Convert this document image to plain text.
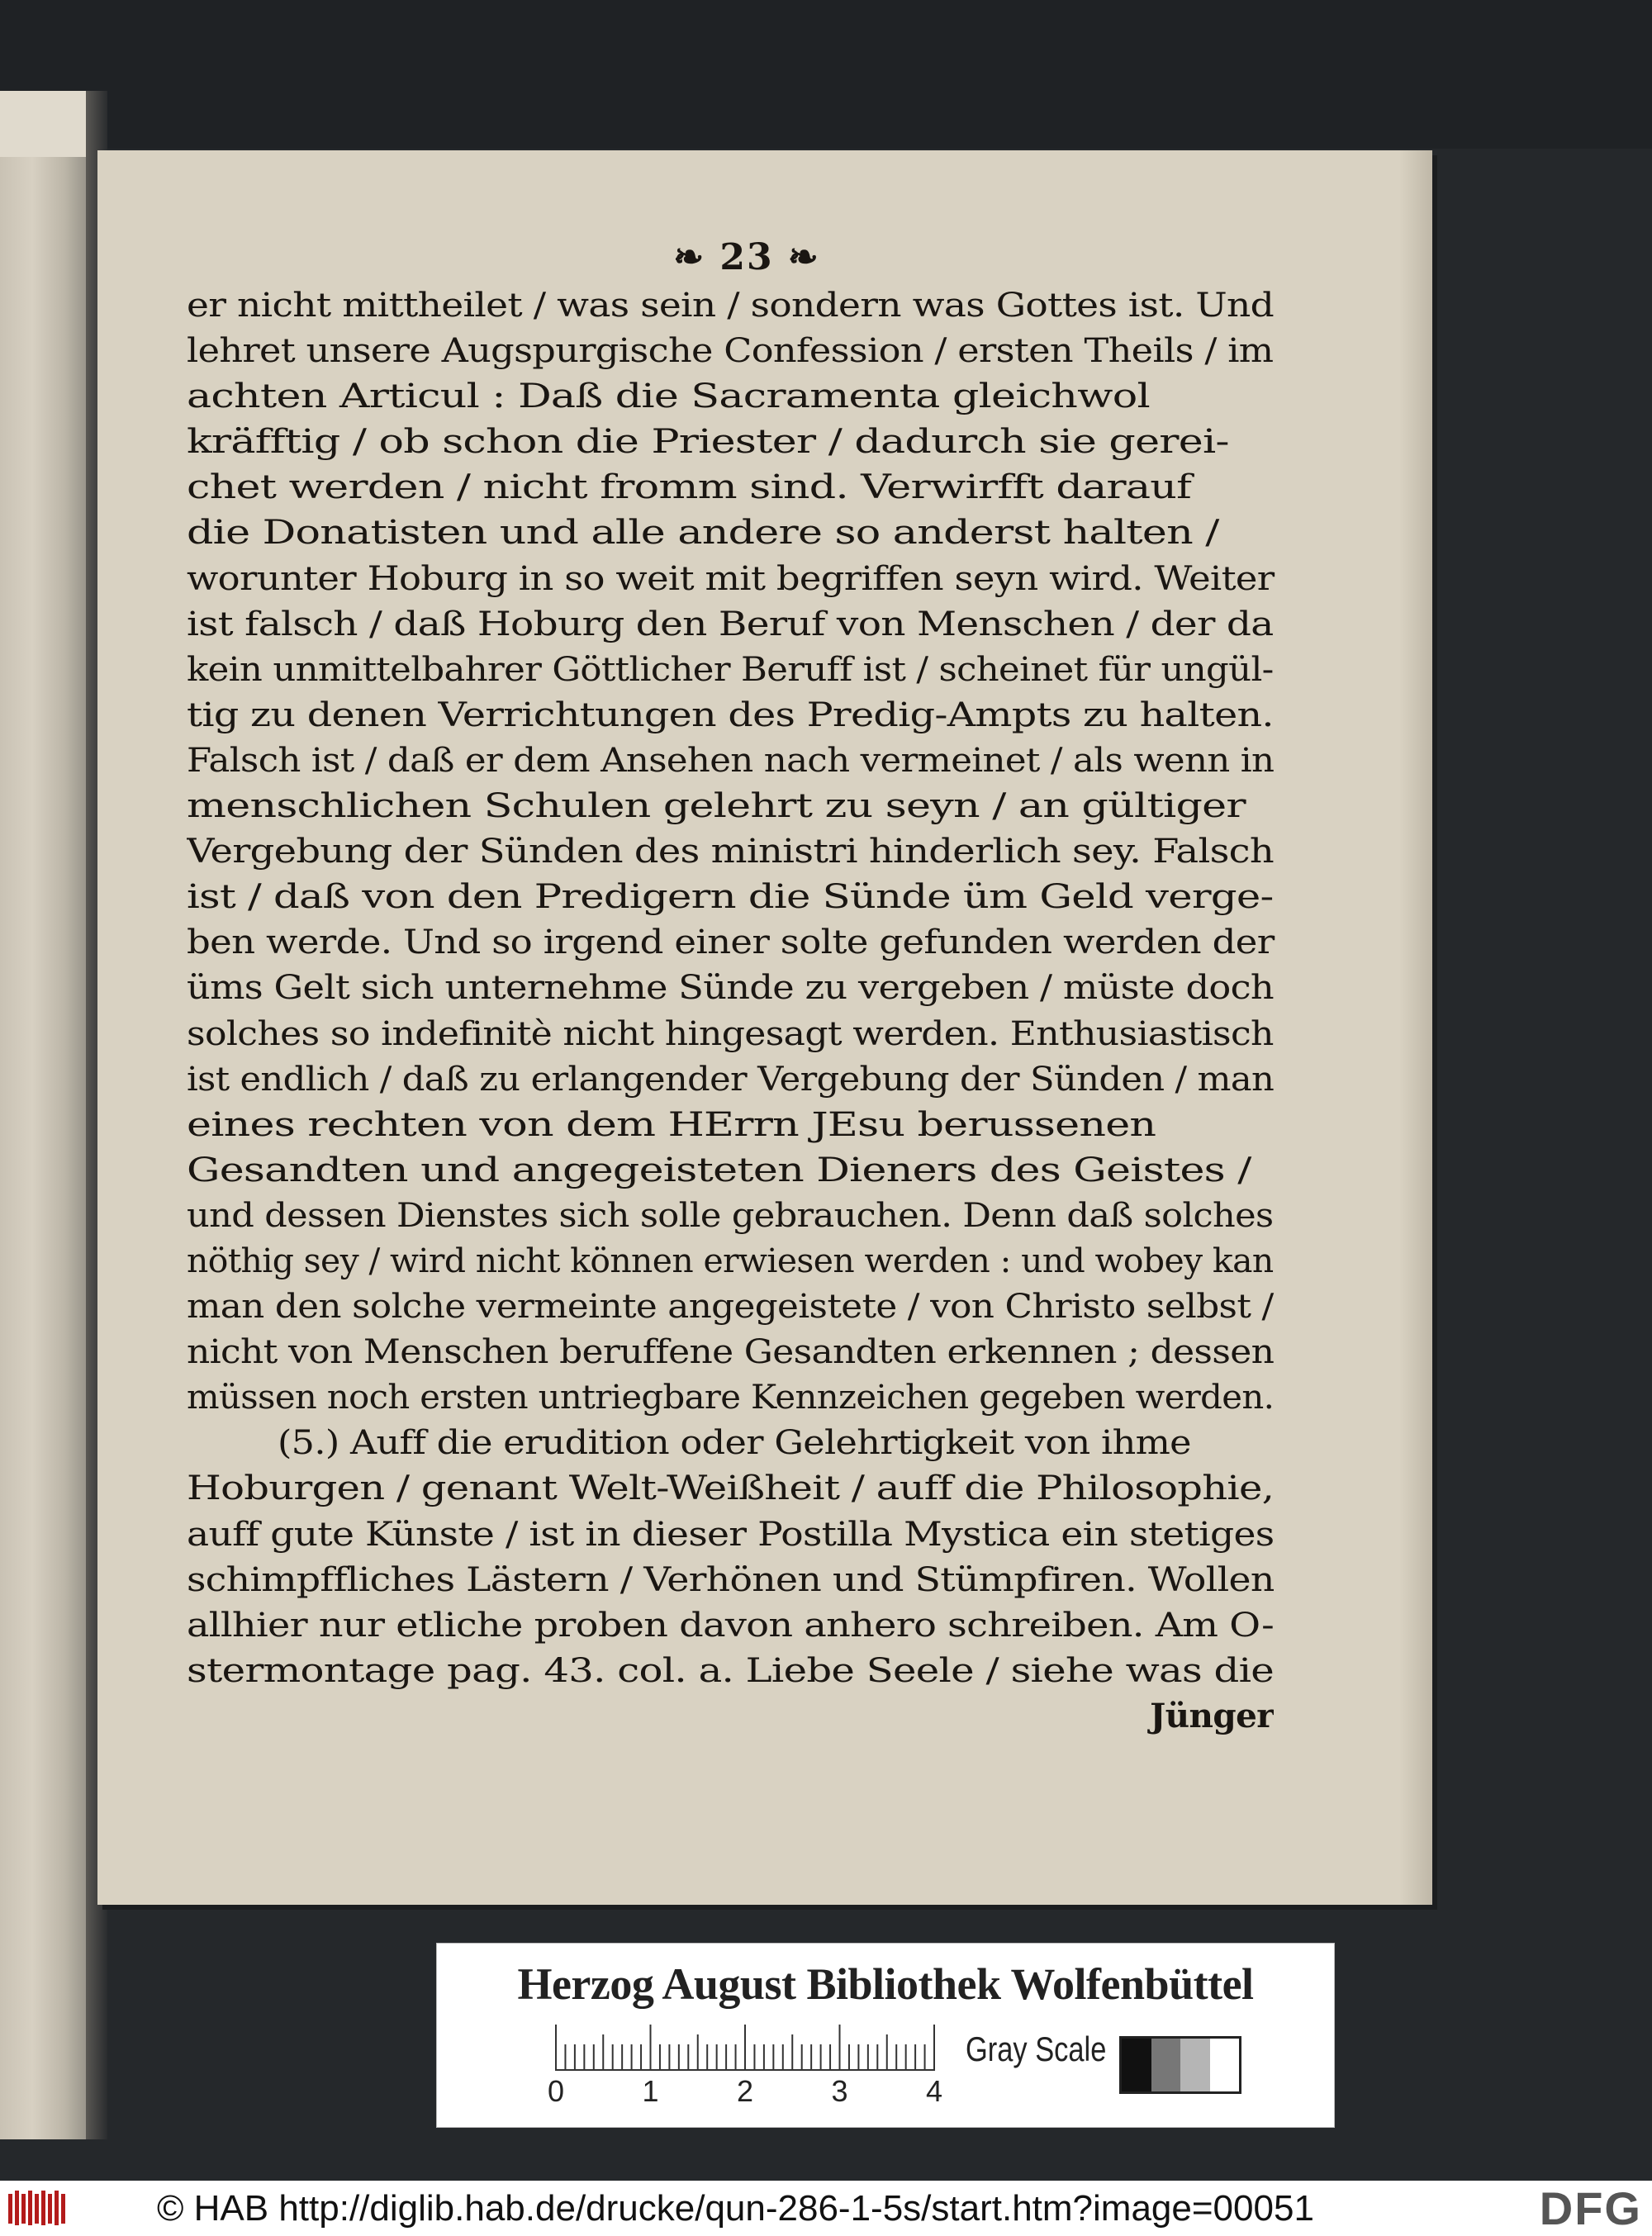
❧ 23 ❧
er nicht mittheilet / was sein / sondern was Gottes ist. Und
lehret unsere Augspurgische Confession / ersten Theils / im
achten Articul : Daß die Sacramenta gleichwol
kräfftig / ob schon die Priester / dadurch sie gerei-
chet werden / nicht fromm sind. Verwirfft darauf
die Donatisten und alle andere so anderst halten /
worunter Hoburg in so weit mit begriffen seyn wird. Weiter
ist falsch / daß Hoburg den Beruf von Menschen / der da
kein unmittelbahrer Göttlicher Beruff ist / scheinet für ungül-
tig zu denen Verrichtungen des Predig-Ampts zu halten.
Falsch ist / daß er dem Ansehen nach vermeinet / als wenn in
menschlichen Schulen gelehrt zu seyn / an gültiger
Vergebung der Sünden des ministri hinderlich sey. Falsch
ist / daß von den Predigern die Sünde üm Geld verge-
ben werde. Und so irgend einer solte gefunden werden der
üms Gelt sich unternehme Sünde zu vergeben / müste doch
solches so indefinitè nicht hingesagt werden. Enthusiastisch
ist endlich / daß zu erlangender Vergebung der Sünden / man
eines rechten von dem HErrn JEsu berussenen
Gesandten und angegeisteten Dieners des Geistes /
und dessen Dienstes sich solle gebrauchen. Denn daß solches
nöthig sey / wird nicht können erwiesen werden : und wobey kan
man den solche vermeinte angegeistete / von Christo selbst /
nicht von Menschen beruffene Gesandten erkennen ; dessen
müssen noch ersten untriegbare Kennzeichen gegeben werden.
(5.) Auff die erudition oder Gelehrtigkeit von ihme
Hoburgen / genant Welt-Weißheit / auff die Philosophie,
auff gute Künste / ist in dieser Postilla Mystica ein stetiges
schimpffliches Lästern / Verhönen und Stümpfiren. Wollen
allhier nur etliche proben davon anhero schreiben. Am O-
stermontage pag. 43. col. a. Liebe Seele / siehe was die
Jünger
Herzog August Bibliothek Wolfenbüttel
0	1	2	3	4
Gray Scale
© HAB http://diglib.hab.de/drucke/qun-286-1-5s/start.htm?image=00051	DFG
